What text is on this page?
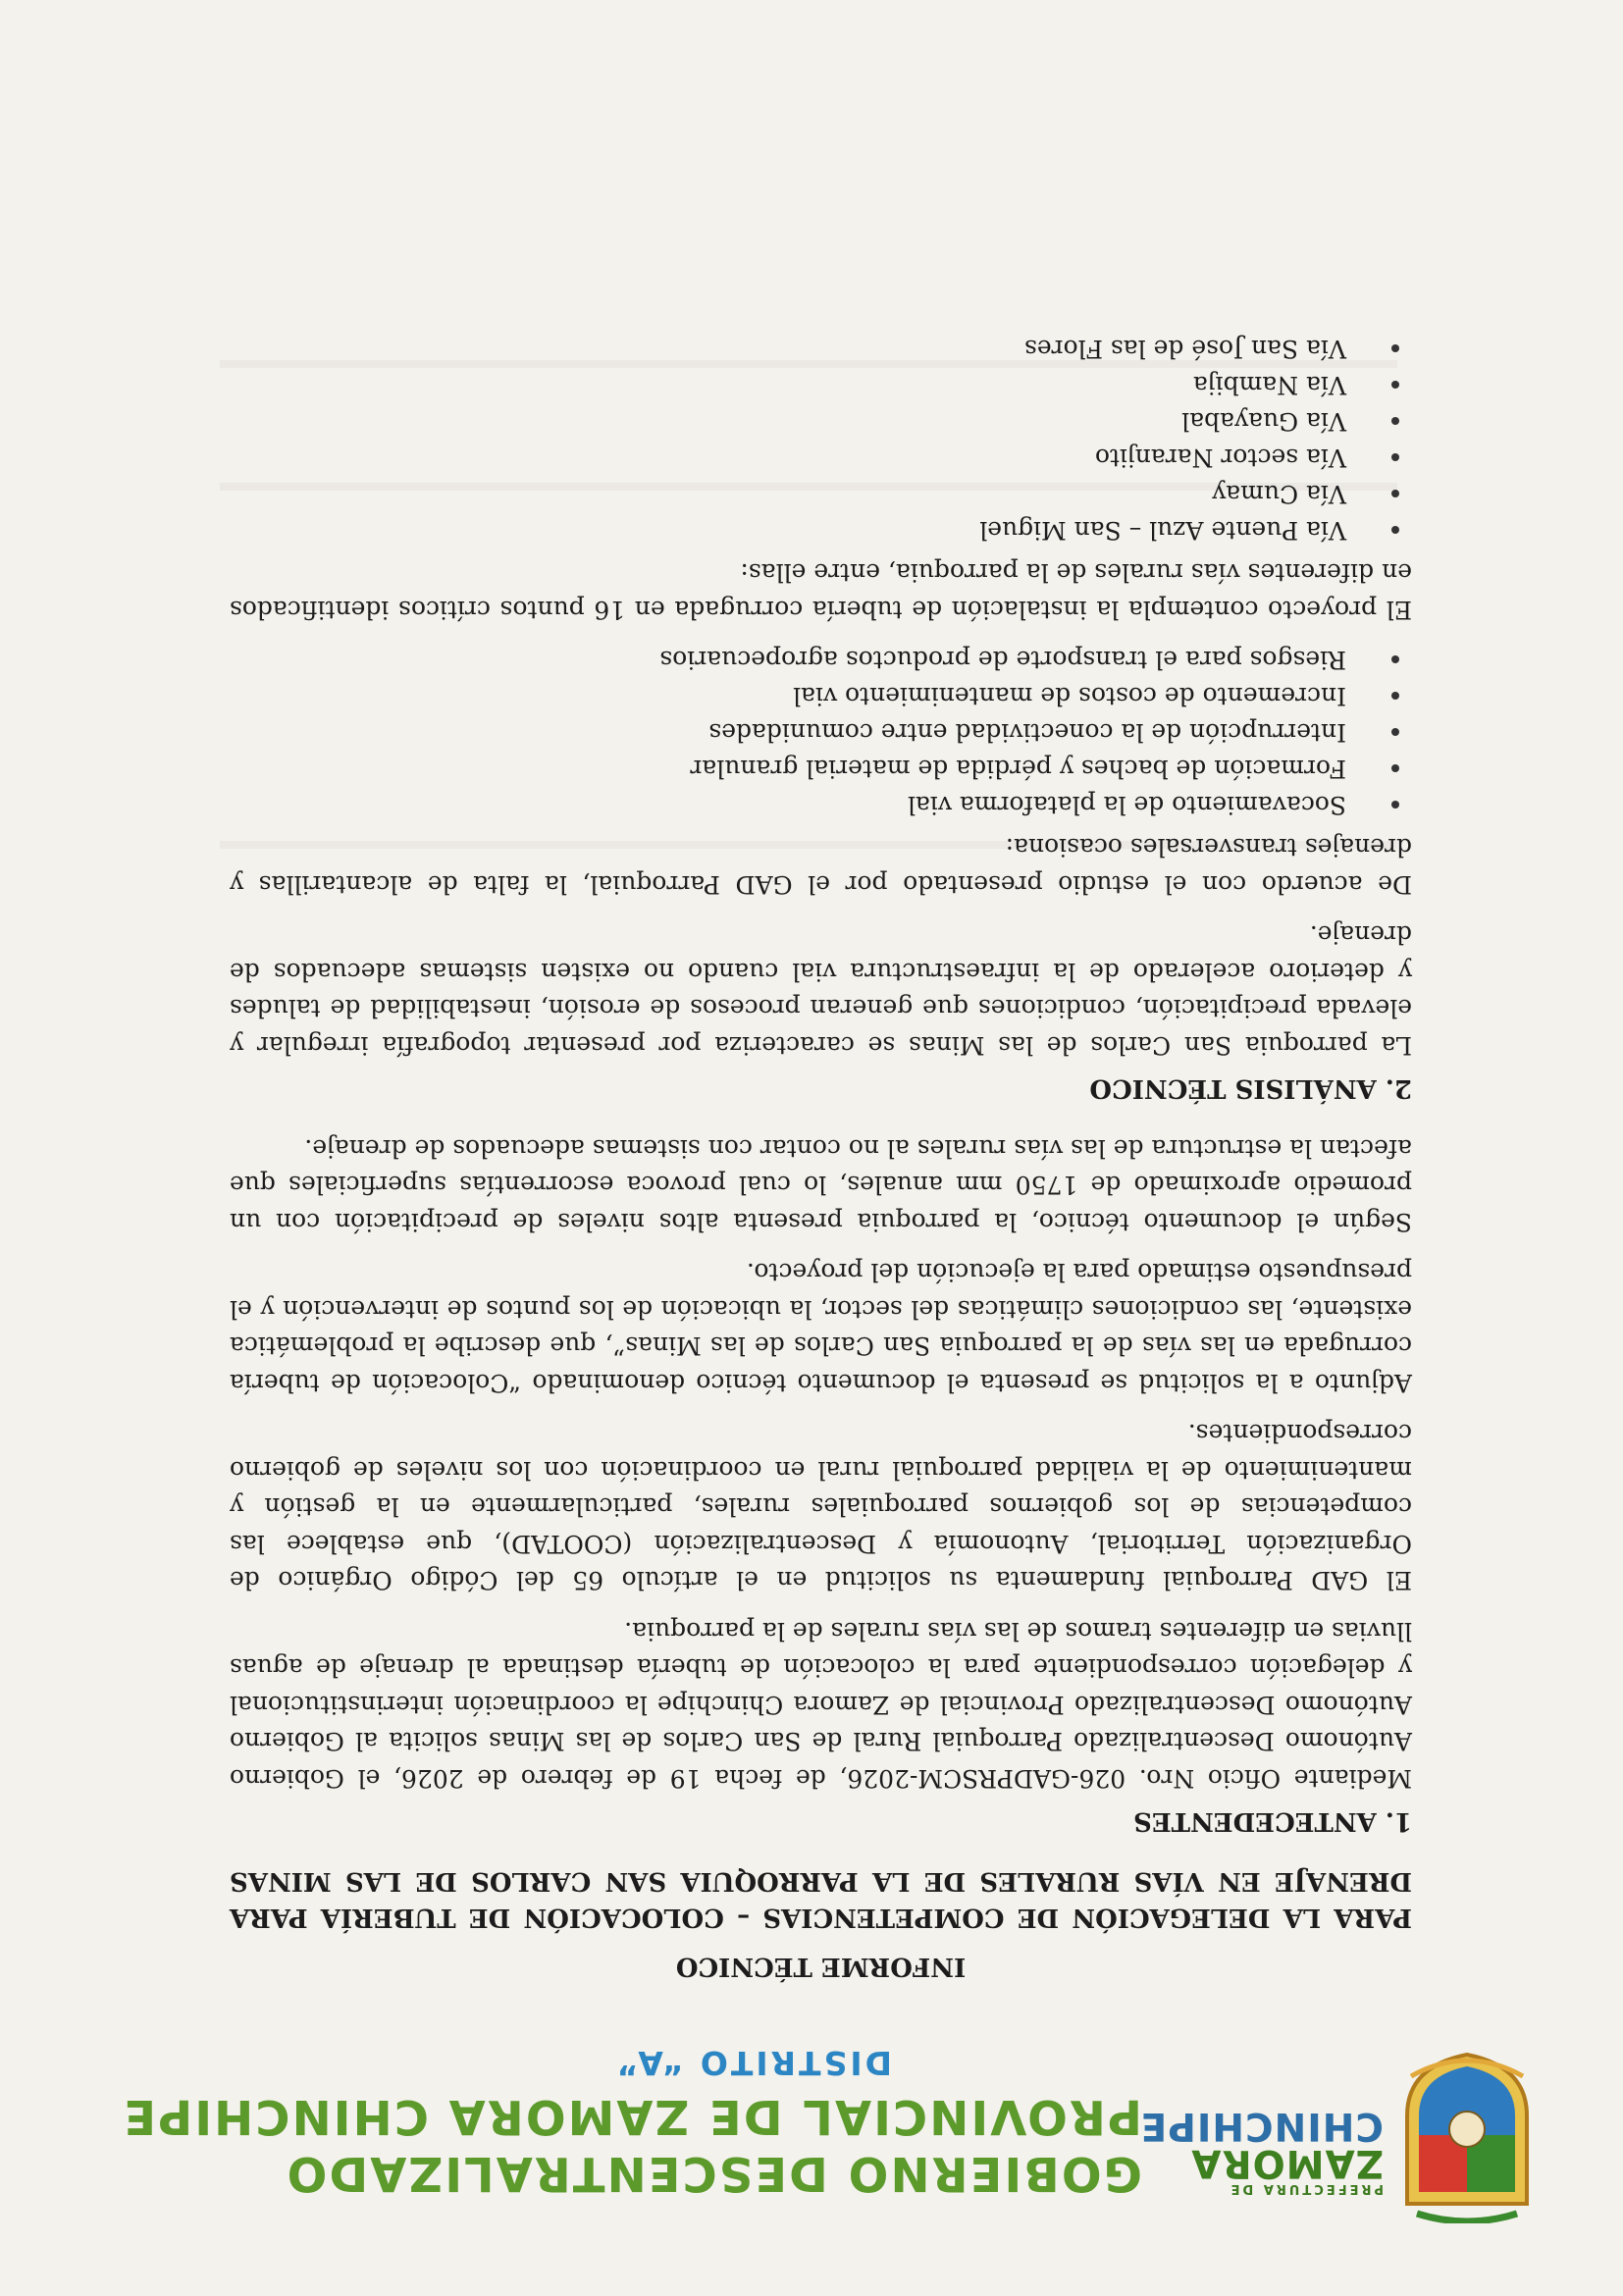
PREFECTURA DE
ZAMORA
CHINCHIPE
GOBIERNO DESCENTRALIZADO PROVINCIAL DE ZAMORA CHINCHIPE
DISTRITO “A”
INFORME TÉCNICO
PARA LA DELEGACIÓN DE COMPETENCIAS – COLOCACIÓN DE TUBERÍA PARA DRENAJE EN VÍAS RURALES DE LA PARROQUIA SAN CARLOS DE LAS MINAS
1. ANTECEDENTES

Mediante Oficio Nro. 026-GADPRSCM-2026, de fecha 19 de febrero de 2026, el Gobierno Autónomo Descentralizado Parroquial Rural de San Carlos de las Minas solicita al Gobierno Autónomo Descentralizado Provincial de Zamora Chinchipe la coordinación interinstitucional y delegación correspondiente para la colocación de tubería destinada al drenaje de aguas lluvias en diferentes tramos de las vías rurales de la parroquia.

El GAD Parroquial fundamenta su solicitud en el artículo 65 del Código Orgánico de Organización Territorial, Autonomía y Descentralización (COOTAD), que establece las competencias de los gobiernos parroquiales rurales, particularmente en la gestión y mantenimiento de la vialidad parroquial rural en coordinación con los niveles de gobierno correspondientes.

Adjunto a la solicitud se presenta el documento técnico denominado “Colocación de tubería corrugada en las vías de la parroquia San Carlos de las Minas”, que describe la problemática existente, las condiciones climáticas del sector, la ubicación de los puntos de intervención y el presupuesto estimado para la ejecución del proyecto.

Según el documento técnico, la parroquia presenta altos niveles de precipitación con un promedio aproximado de 1750 mm anuales, lo cual provoca escorrentías superficiales que afectan la estructura de las vías rurales al no contar con sistemas adecuados de drenaje.

2. ANÁLISIS TÉCNICO

La parroquia San Carlos de las Minas se caracteriza por presentar topografía irregular y elevada precipitación, condiciones que generan procesos de erosión, inestabilidad de taludes y deterioro acelerado de la infraestructura vial cuando no existen sistemas adecuados de drenaje.

De acuerdo con el estudio presentado por el GAD Parroquial, la falta de alcantarillas y drenajes transversales ocasiona:

Socavamiento de la plataforma vial
Formación de baches y pérdida de material granular
Interrupción de la conectividad entre comunidades
Incremento de costos de mantenimiento vial
Riesgos para el transporte de productos agropecuarios

El proyecto contempla la instalación de tubería corrugada en 16 puntos críticos identificados en diferentes vías rurales de la parroquia, entre ellas:

Vía Puente Azul – San Miguel
Vía Cumay
Vía sector Naranjito
Vía Guayabal
Vía Nambija
Vía San José de las Flores
